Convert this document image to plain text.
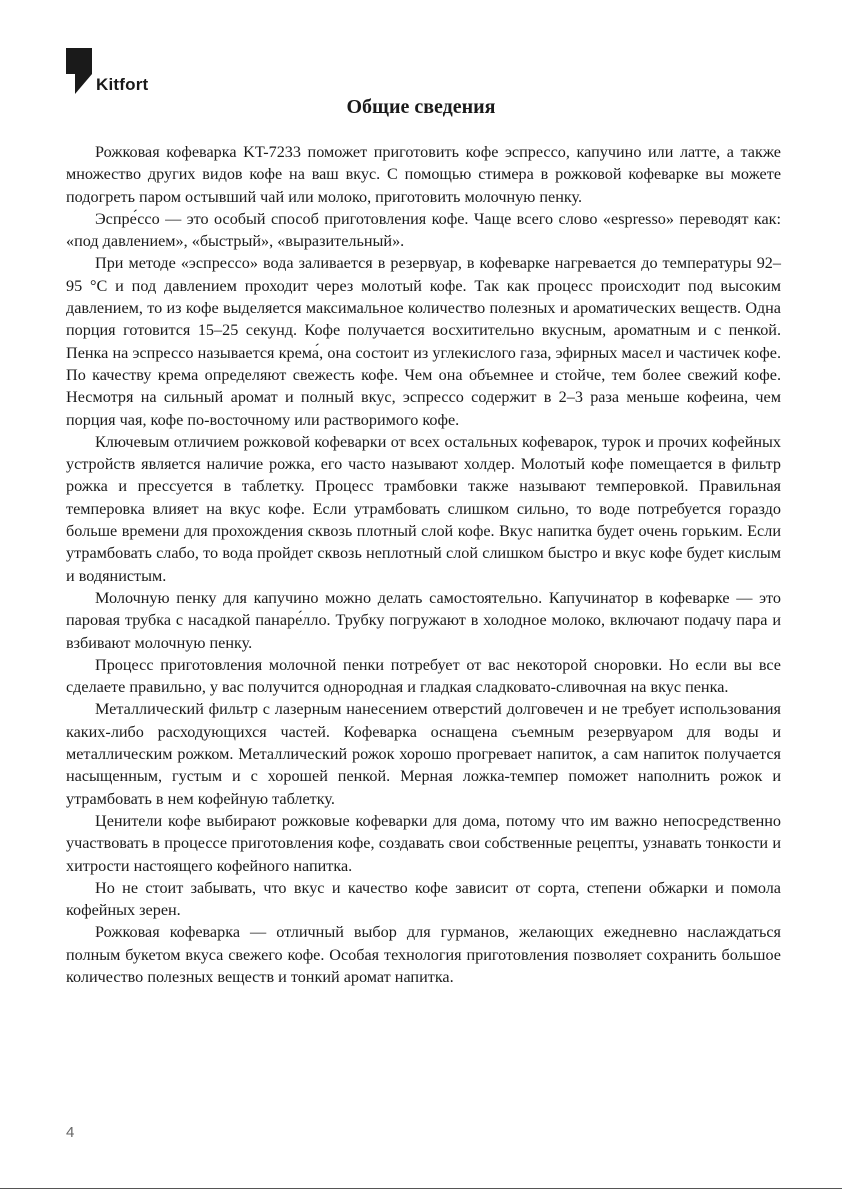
Kitfort
Общие сведения

Рожковая кофеварка KT-7233 поможет приготовить кофе эспрессо, капучино или латте, а также множество других видов кофе на ваш вкус. С помощью стимера в рожковой кофеварке вы можете подогреть паром остывший чай или молоко, приготовить молочную пенку.

Эспре́ссо — это особый способ приготовления кофе. Чаще всего слово «espresso» переводят как: «под давлением», «быстрый», «выразительный».

При методе «эспрессо» вода заливается в резервуар, в кофеварке нагревается до температуры 92–95 °C и под давлением проходит через молотый кофе. Так как процесс происходит под высоким давлением, то из кофе выделяется максимальное количество полезных и ароматических веществ. Одна порция готовится 15–25 секунд. Кофе получается восхитительно вкусным, ароматным и с пенкой. Пенка на эспрессо называется крема́, она состоит из углекислого газа, эфирных масел и частичек кофе. По качеству крема определяют свежесть кофе. Чем она объемнее и стойче, тем более свежий кофе. Несмотря на сильный аромат и полный вкус, эспрессо содержит в 2–3 раза меньше кофеина, чем порция чая, кофе по-восточному или растворимого кофе.

Ключевым отличием рожковой кофеварки от всех остальных кофеварок, турок и прочих кофейных устройств является наличие рожка, его часто называют холдер. Молотый кофе помещается в фильтр рожка и прессуется в таблетку. Процесс трамбовки также называют темперовкой. Правильная темперовка влияет на вкус кофе. Если утрамбовать слишком сильно, то воде потребуется гораздо больше времени для прохождения сквозь плотный слой кофе. Вкус напитка будет очень горьким. Если утрамбовать слабо, то вода пройдет сквозь неплотный слой слишком быстро и вкус кофе будет кислым и водянистым.

Молочную пенку для капучино можно делать самостоятельно. Капучинатор в кофеварке — это паровая трубка с насадкой панаре́лло. Трубку погружают в холодное молоко, включают подачу пара и взбивают молочную пенку.

Процесс приготовления молочной пенки потребует от вас некоторой сноровки. Но если вы все сделаете правильно, у вас получится однородная и гладкая сладковато-сливочная на вкус пенка.

Металлический фильтр с лазерным нанесением отверстий долговечен и не требует использования каких-либо расходующихся частей. Кофеварка оснащена съемным резервуаром для воды и металлическим рожком. Металлический рожок хорошо прогревает напиток, а сам напиток получается насыщенным, густым и с хорошей пенкой. Мерная ложка-темпер поможет наполнить рожок и утрамбовать в нем кофейную таблетку.

Ценители кофе выбирают рожковые кофеварки для дома, потому что им важно непосредственно участвовать в процессе приготовления кофе, создавать свои собственные рецепты, узнавать тонкости и хитрости настоящего кофейного напитка.

Но не стоит забывать, что вкус и качество кофе зависит от сорта, степени обжарки и помола кофейных зерен.

Рожковая кофеварка — отличный выбор для гурманов, желающих ежедневно наслаждаться полным букетом вкуса свежего кофе. Особая технология приготовления позволяет сохранить большое количество полезных веществ и тонкий аромат напитка.

4
